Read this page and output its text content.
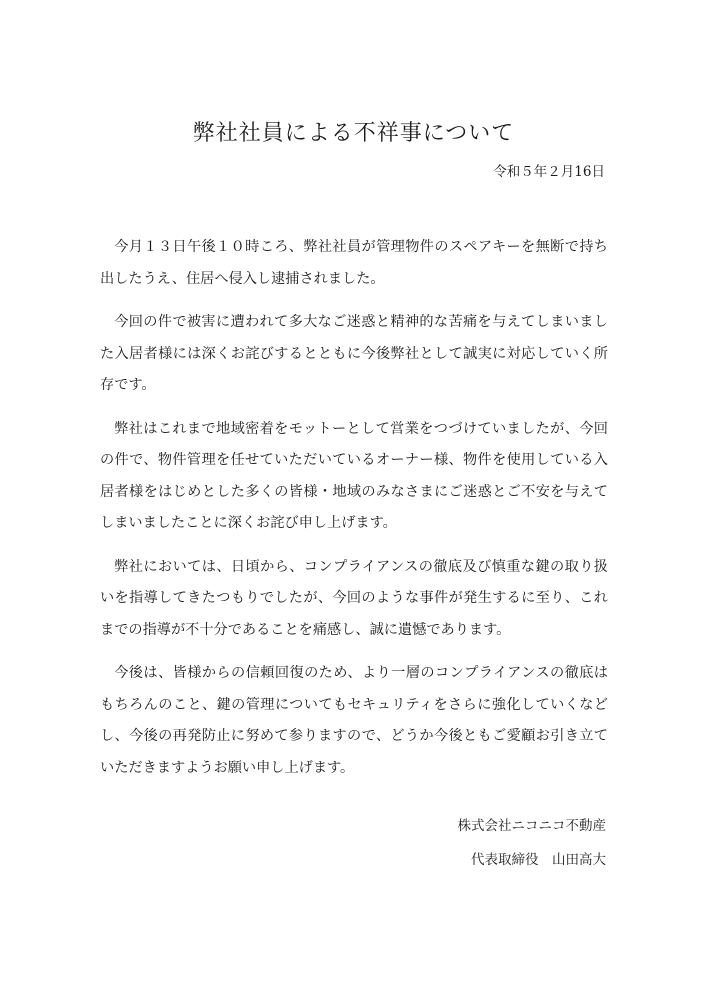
弊社社員による不祥事について
令和５年２月16日

今月１３日午後１０時ころ、弊社社員が管理物件のスペアキーを無断で持ち出したうえ、住居へ侵入し逮捕されました。

今回の件で被害に遭われて多大なご迷惑と精神的な苦痛を与えてしまいました入居者様には深くお詫びするとともに今後弊社として誠実に対応していく所存です。

弊社はこれまで地域密着をモットーとして営業をつづけていましたが、今回の件で、物件管理を任せていただいているオーナー様、物件を使用している入居者様をはじめとした多くの皆様・地域のみなさまにご迷惑とご不安を与えてしまいましたことに深くお詫び申し上げます。

弊社においては、日頃から、コンプライアンスの徹底及び慎重な鍵の取り扱いを指導してきたつもりでしたが、今回のような事件が発生するに至り、これまでの指導が不十分であることを痛感し、誠に遺憾であります。

今後は、皆様からの信頼回復のため、より一層のコンプライアンスの徹底はもちろんのこと、鍵の管理についてもセキュリティをさらに強化していくなどし、今後の再発防止に努めて参りますので、どうか今後ともご愛顧お引き立ていただきますようお願い申し上げます。

株式会社ニコニコ不動産
代表取締役　山田高大
